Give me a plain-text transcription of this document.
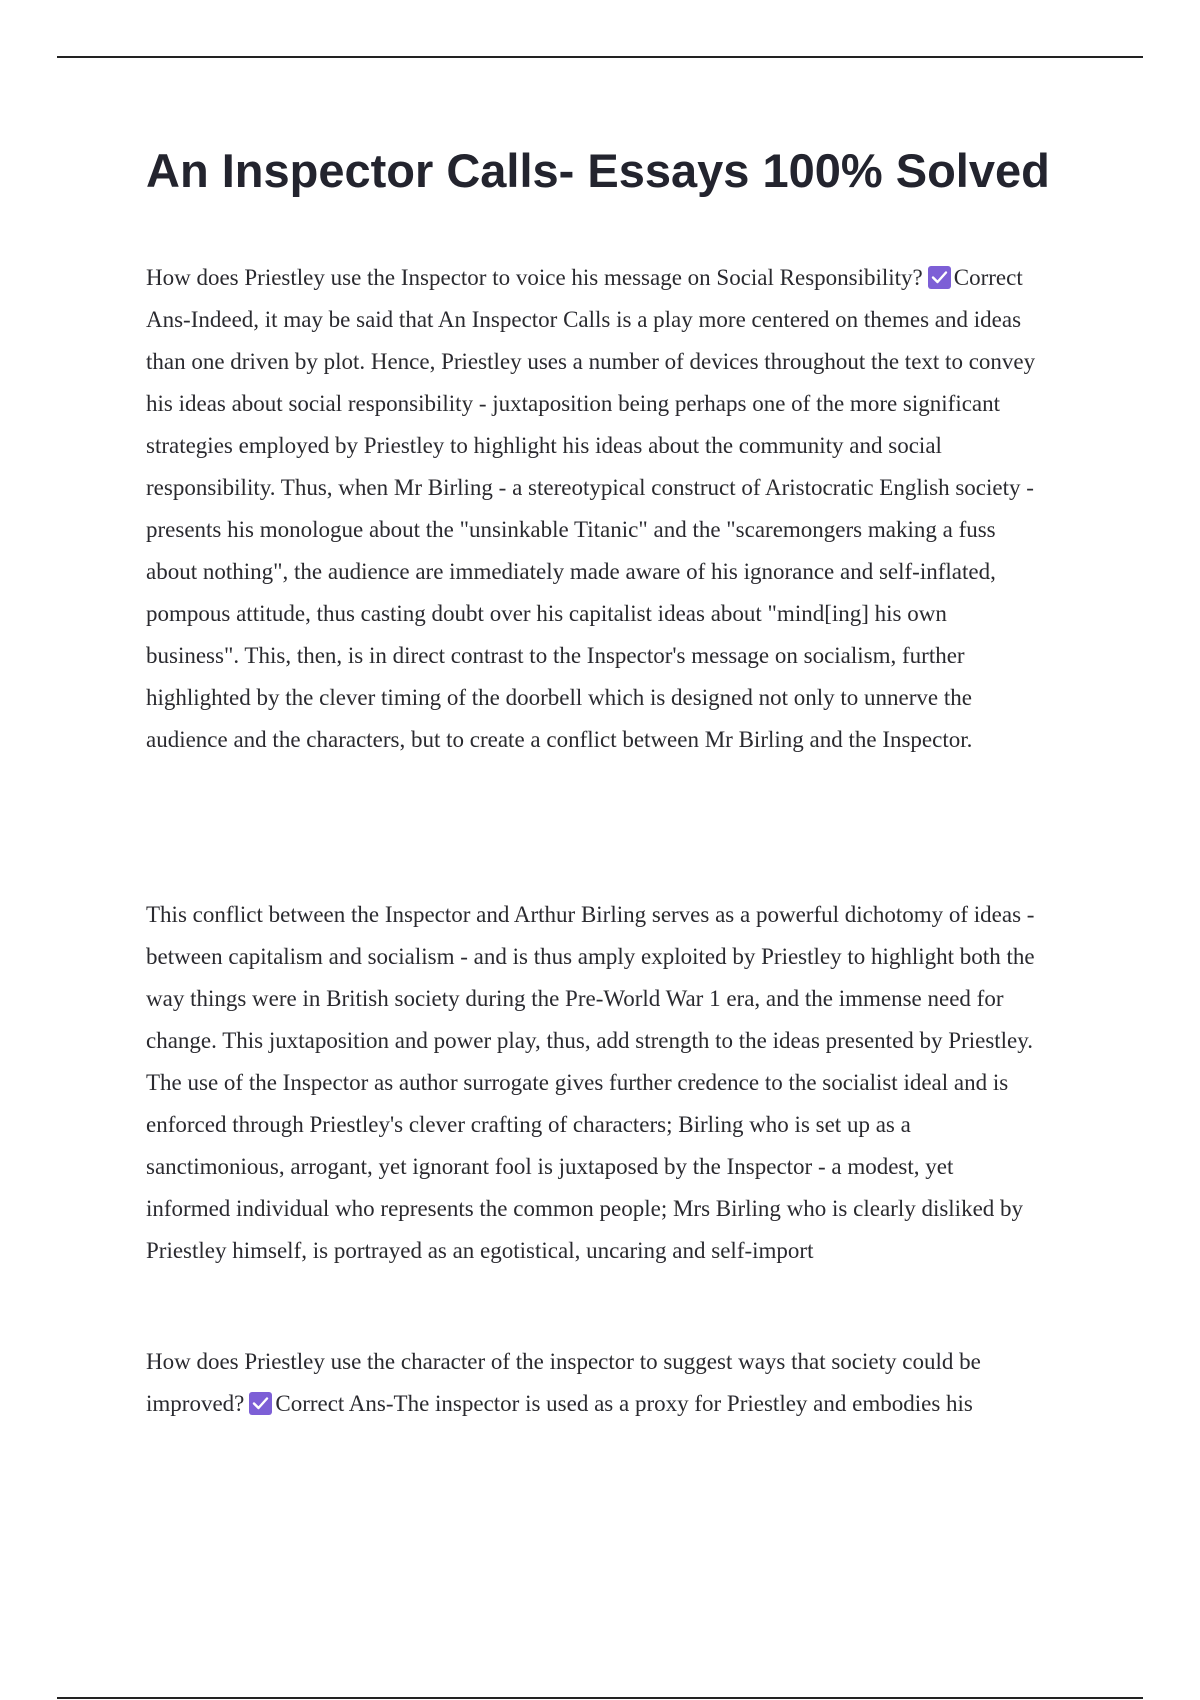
An Inspector Calls- Essays 100% Solved
How does Priestley use the Inspector to voice his message on Social Responsibility? Correct
Ans-Indeed, it may be said that An Inspector Calls is a play more centered on themes and ideas
than one driven by plot. Hence, Priestley uses a number of devices throughout the text to convey
his ideas about social responsibility - juxtaposition being perhaps one of the more significant
strategies employed by Priestley to highlight his ideas about the community and social
responsibility. Thus, when Mr Birling - a stereotypical construct of Aristocratic English society -
presents his monologue about the "unsinkable Titanic" and the "scaremongers making a fuss
about nothing", the audience are immediately made aware of his ignorance and self-inflated,
pompous attitude, thus casting doubt over his capitalist ideas about "mind[ing] his own
business". This, then, is in direct contrast to the Inspector's message on socialism, further
highlighted by the clever timing of the doorbell which is designed not only to unnerve the
audience and the characters, but to create a conflict between Mr Birling and the Inspector.
This conflict between the Inspector and Arthur Birling serves as a powerful dichotomy of ideas -
between capitalism and socialism - and is thus amply exploited by Priestley to highlight both the
way things were in British society during the Pre-World War 1 era, and the immense need for
change. This juxtaposition and power play, thus, add strength to the ideas presented by Priestley.
The use of the Inspector as author surrogate gives further credence to the socialist ideal and is
enforced through Priestley's clever crafting of characters; Birling who is set up as a
sanctimonious, arrogant, yet ignorant fool is juxtaposed by the Inspector - a modest, yet
informed individual who represents the common people; Mrs Birling who is clearly disliked by
Priestley himself, is portrayed as an egotistical, uncaring and self-import
How does Priestley use the character of the inspector to suggest ways that society could be
improved? Correct Ans-The inspector is used as a proxy for Priestley and embodies his
